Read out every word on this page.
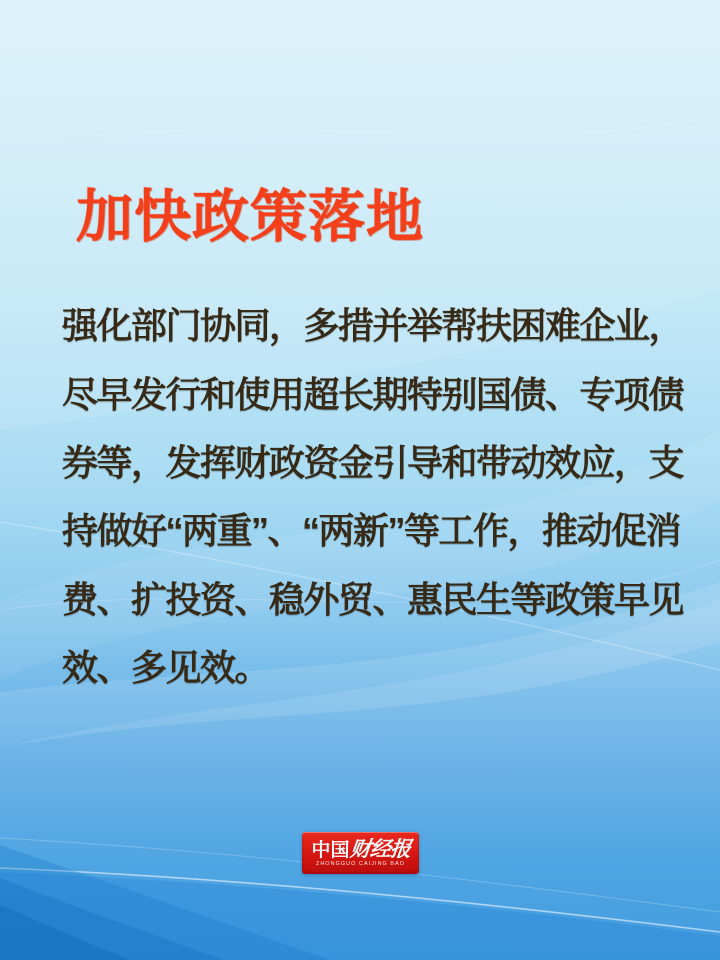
加快政策落地
强化部门协同，多措并举帮扶困难企业，
尽早发行和使用超长期特别国债、专项债
券等，发挥财政资金引导和带动效应，支
持做好“两重”、“两新”等工作，推动促消
费、扩投资、稳外贸、惠民生等政策早见
效、多见效。
中国
财经报
ZHONGGUO CAIJING BAO
